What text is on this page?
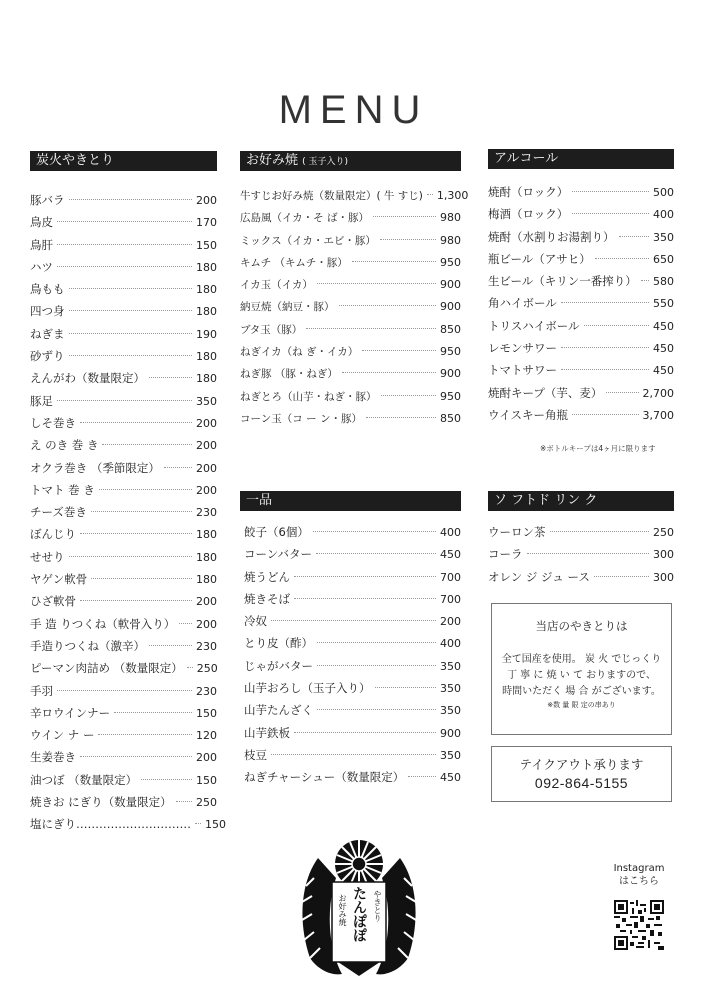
MENU
炭火やきとり
豚バラ	200
鳥皮	170
鳥肝	150
ハツ	180
鳥もも	180
四つ身	180
ねぎま	190
砂ずり	180
えんがわ（数量限定）	180
豚足	350
しそ巻き	200
え のき 巻 き	200
オクラ巻き （季節限定）	200
トマト 巻 き	200
チーズ巻き	230
ぼんじり	180
せせり	180
ヤゲン軟骨	180
ひざ軟骨	200
手 造 りつくね（軟骨入り） 200
手造りつくね（激辛）	230
ピーマン肉詰め （数量限定） 250
手羽	230
辛ロウインナー	150
ウイン ナ ー	120
生姜巻き	200
油つぼ （数量限定）	150
焼きお にぎり（数量限定） 250
塩にぎり………………………… 150
お好み焼 ( 玉子入り)
牛すじお好み焼（数量限定）( 牛 すじ) 1,300
広島風（イカ・そ ば・豚）	980
ミックス（イカ・エビ・豚）	980
キムチ （キムチ・豚）	950
イカ玉（イカ）	900
納豆焼（納豆・豚）	900
ブタ玉（豚）	850
ねぎイカ（ね ぎ・イカ）	950
ねぎ豚 （豚・ねぎ）	900
ねぎとろ（山芋・ねぎ・豚）	950
コーン玉（コ ー ン・豚）	850
アルコール
焼酎（ロック）	500
梅酒（ロック）	400
焼酎（水割りお湯割り）	350
瓶ビール（アサヒ）	650
生ビール（キリン一番搾り） 580
角ハイボール	550
トリスハイボール	450
レモンサワー	450
トマトサワー	450
焼酎キープ（芋、麦）	2,700
ウイスキー角瓶	3,700
※ボトルキープは4ヶ月に限ります
一品
餃子（6個）	400
コーンバター	450
焼うどん	700
焼きそば	700
冷奴	200
とり皮（酢）	400
じゃがバター	350
山芋おろし（玉子入り）	350
山芋たんざく	350
山芋鉄板	900
枝豆	350
ねぎチャーシュー（数量限定）	450
ソ フトド リン ク
ウーロン茶	250
コーラ	300
オレン ジ ジュ ース	300
当店のやきとりは
全て国産を使用。 炭 火 でじっくり
丁 寧 に 焼 い て おりますので、
時間いただく 場 合 がございます。
※数 量 限 定の串あり
テイクアウト承ります
092-864-5155
たんぽぽ
お好み焼	やきとり
Instagram
はこちら
